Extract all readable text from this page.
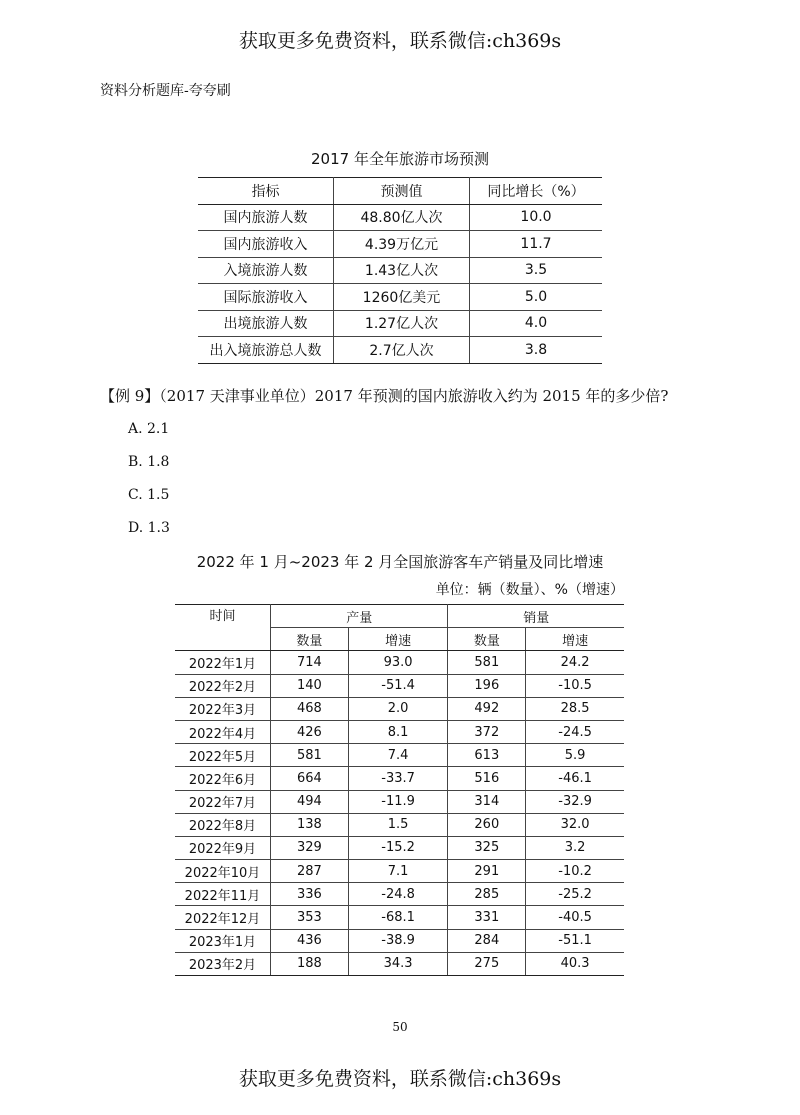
获取更多免费资料，联系微信:ch369s
资料分析题库-夸夸刷
2017 年全年旅游市场预测
指标	预测值	同比增长（%）
国内旅游人数	48.80亿人次	10.0
国内旅游收入	4.39万亿元	11.7
入境旅游人数	1.43亿人次	3.5
国际旅游收入	1260亿美元	5.0
出境旅游人数	1.27亿人次	4.0
出入境旅游总人数	2.7亿人次	3.8
【例 9】（2017 天津事业单位）2017 年预测的国内旅游收入约为 2015 年的多少倍?
A. 2.1
B. 1.8
C. 1.5
D. 1.3
2022 年 1 月~2023 年 2 月全国旅游客车产销量及同比增速
单位：辆（数量）、%（增速）
时间	产量		销量	
	数量	增速	数量	增速
2022年1月	714	93.0	581	24.2
2022年2月	140	-51.4	196	-10.5
2022年3月	468	2.0	492	28.5
2022年4月	426	8.1	372	-24.5
2022年5月	581	7.4	613	5.9
2022年6月	664	-33.7	516	-46.1
2022年7月	494	-11.9	314	-32.9
2022年8月	138	1.5	260	32.0
2022年9月	329	-15.2	325	3.2
2022年10月	287	7.1	291	-10.2
2022年11月	336	-24.8	285	-25.2
2022年12月	353	-68.1	331	-40.5
2023年1月	436	-38.9	284	-51.1
2023年2月	188	34.3	275	40.3
50
获取更多免费资料，联系微信:ch369s
